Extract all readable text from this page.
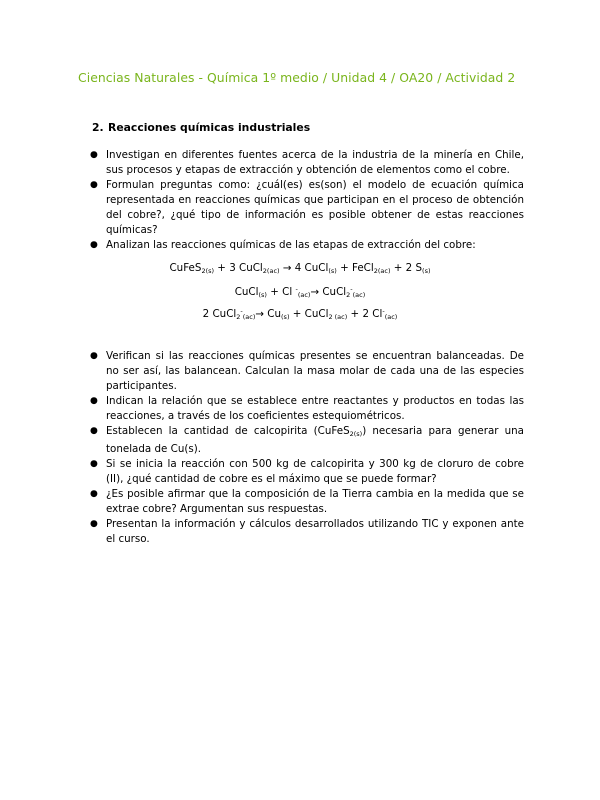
Ciencias Naturales - Química 1º medio / Unidad 4 / OA20 / Actividad 2
2. Reacciones químicas industriales
● Investigan en diferentes fuentes acerca de la industria de la minería en Chile, sus procesos y etapas de extracción y obtención de elementos como el cobre.
● Formulan preguntas como: ¿cuál(es) es(son) el modelo de ecuación química representada en reacciones químicas que participan en el proceso de obtención del cobre?, ¿qué tipo de información es posible obtener de estas reacciones químicas?
● Analizan las reacciones químicas de las etapas de extracción del cobre:
CuFeS$_{2(s)}$ + 3 CuCl$_{2(ac)}$ → 4 CuCl$_{(s)}$ + FeCl$_{2(ac)}$ + 2 $S_{(s)}$
CuCl$_{(s)}$ + Cl -$_{(ac)}$→ CuCl$_2$-$_{(ac)}$
2 CuCl$_2$-$_{(ac)}$→ $Cu_{(s)}$ + CuCl$_{2 (ac)}$ + 2 $Cl^-_{(ac)}$
● Verifican si las reacciones químicas presentes se encuentran balanceadas. De no ser así, las balancean. Calculan la masa molar de cada una de las especies participantes.
● Indican la relación que se establece entre reactantes y productos en todas las reacciones, a través de los coeficientes estequiométricos.
● Establecen la cantidad de calcopirita (CuFeS$_{2(s)}$) necesaria para generar una tonelada de Cu(s).
● Si se inicia la reacción con 500 kg de calcopirita y 300 kg de cloruro de cobre (II), ¿qué cantidad de cobre es el máximo que se puede formar?
● ¿Es posible afirmar que la composición de la Tierra cambia en la medida que se extrae cobre? Argumentan sus respuestas.
● Presentan la información y cálculos desarrollados utilizando TIC y exponen ante el curso.
